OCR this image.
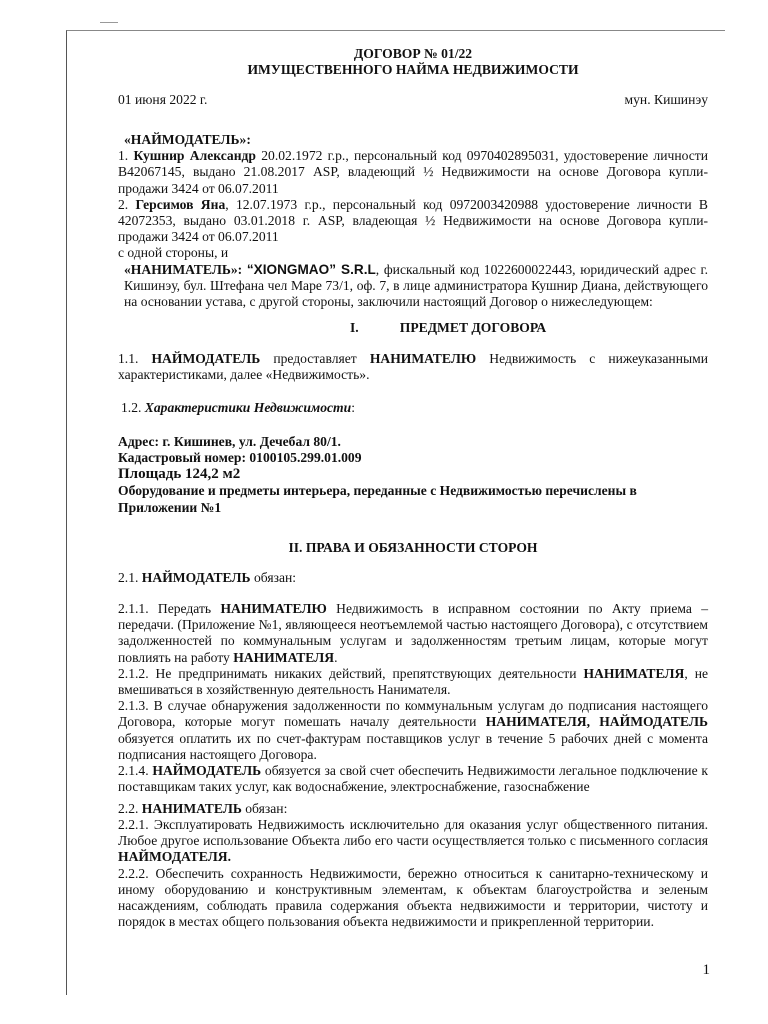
ДОГОВОР № 01/22
ИМУЩЕСТВЕННОГО НАЙМА НЕДВИЖИМОСТИ
01 июня 2022 г.	мун. Кишинэу
«НАЙМОДАТЕЛЬ»:
1. Кушнир Александр 20.02.1972 г.р., персональный код 0970402895031, удостоверение личности B42067145, выдано 21.08.2017 ASP, владеющий ½ Недвижимости на основе Договора купли-продажи 3424 от 06.07.2011
2. Герсимов Яна, 12.07.1973 г.р., персональный код 0972003420988 удостоверение личности B 42072353, выдано 03.01.2018 г. ASP, владеющая ½ Недвижимости на основе Договора купли-продажи 3424 от 06.07.2011
с одной стороны, и
«НАНИМАТЕЛЬ»: “XIONGMAO” S.R.L, фискальный код 1022600022443, юридический адрес г. Кишинэу, бул. Штефана чел Маре 73/1, оф. 7, в лице администратора Кушнир Диана, действующего на основании устава, с другой стороны, заключили настоящий Договор о нижеследующем:
I.	ПРЕДМЕТ ДОГОВОРА
1.1. НАЙМОДАТЕЛЬ предоставляет НАНИМАТЕЛЮ Недвижимость с нижеуказанными характеристиками, далее «Недвижимость».
1.2. Характеристики Недвижимости:
Адрес: г. Кишинев, ул. Дечебал 80/1.
Кадастровый номер: 0100105.299.01.009
Площадь 124,2 м2
Оборудование и предметы интерьера, переданные с Недвижимостью перечислены в Приложении №1
II. ПРАВА И ОБЯЗАННОСТИ СТОРОН
2.1. НАЙМОДАТЕЛЬ обязан:
2.1.1. Передать НАНИМАТЕЛЮ Недвижимость в исправном состоянии по Акту приема – передачи. (Приложение №1, являющееся неотъемлемой частью настоящего Договора), с отсутствием задолженностей по коммунальным услугам и задолженностям третьим лицам, которые могут повлиять на работу НАНИМАТЕЛЯ.
2.1.2. Не предпринимать никаких действий, препятствующих деятельности НАНИМАТЕЛЯ, не вмешиваться в хозяйственную деятельность Нанимателя.
2.1.3. В случае обнаружения задолженности по коммунальным услугам до подписания настоящего Договора, которые могут помешать началу деятельности НАНИМАТЕЛЯ, НАЙМОДАТЕЛЬ обязуется оплатить их по счет-фактурам поставщиков услуг в течение 5 рабочих дней с момента подписания настоящего Договора.
2.1.4. НАЙМОДАТЕЛЬ обязуется за свой счет обеспечить Недвижимости легальное подключение к поставщикам таких услуг, как водоснабжение, электроснабжение, газоснабжение
2.2. НАНИМАТЕЛЬ обязан:
2.2.1. Эксплуатировать Недвижимость исключительно для оказания услуг общественного питания. Любое другое использование Объекта либо его части осуществляется только с письменного согласия НАЙМОДАТЕЛЯ.
2.2.2. Обеспечить сохранность Недвижимости, бережно относиться к санитарно-техническому и иному оборудованию и конструктивным элементам, к объектам благоустройства и зеленым насаждениям, соблюдать правила содержания объекта недвижимости и территории, чистоту и порядок в местах общего пользования объекта недвижимости и прикрепленной территории.
1
